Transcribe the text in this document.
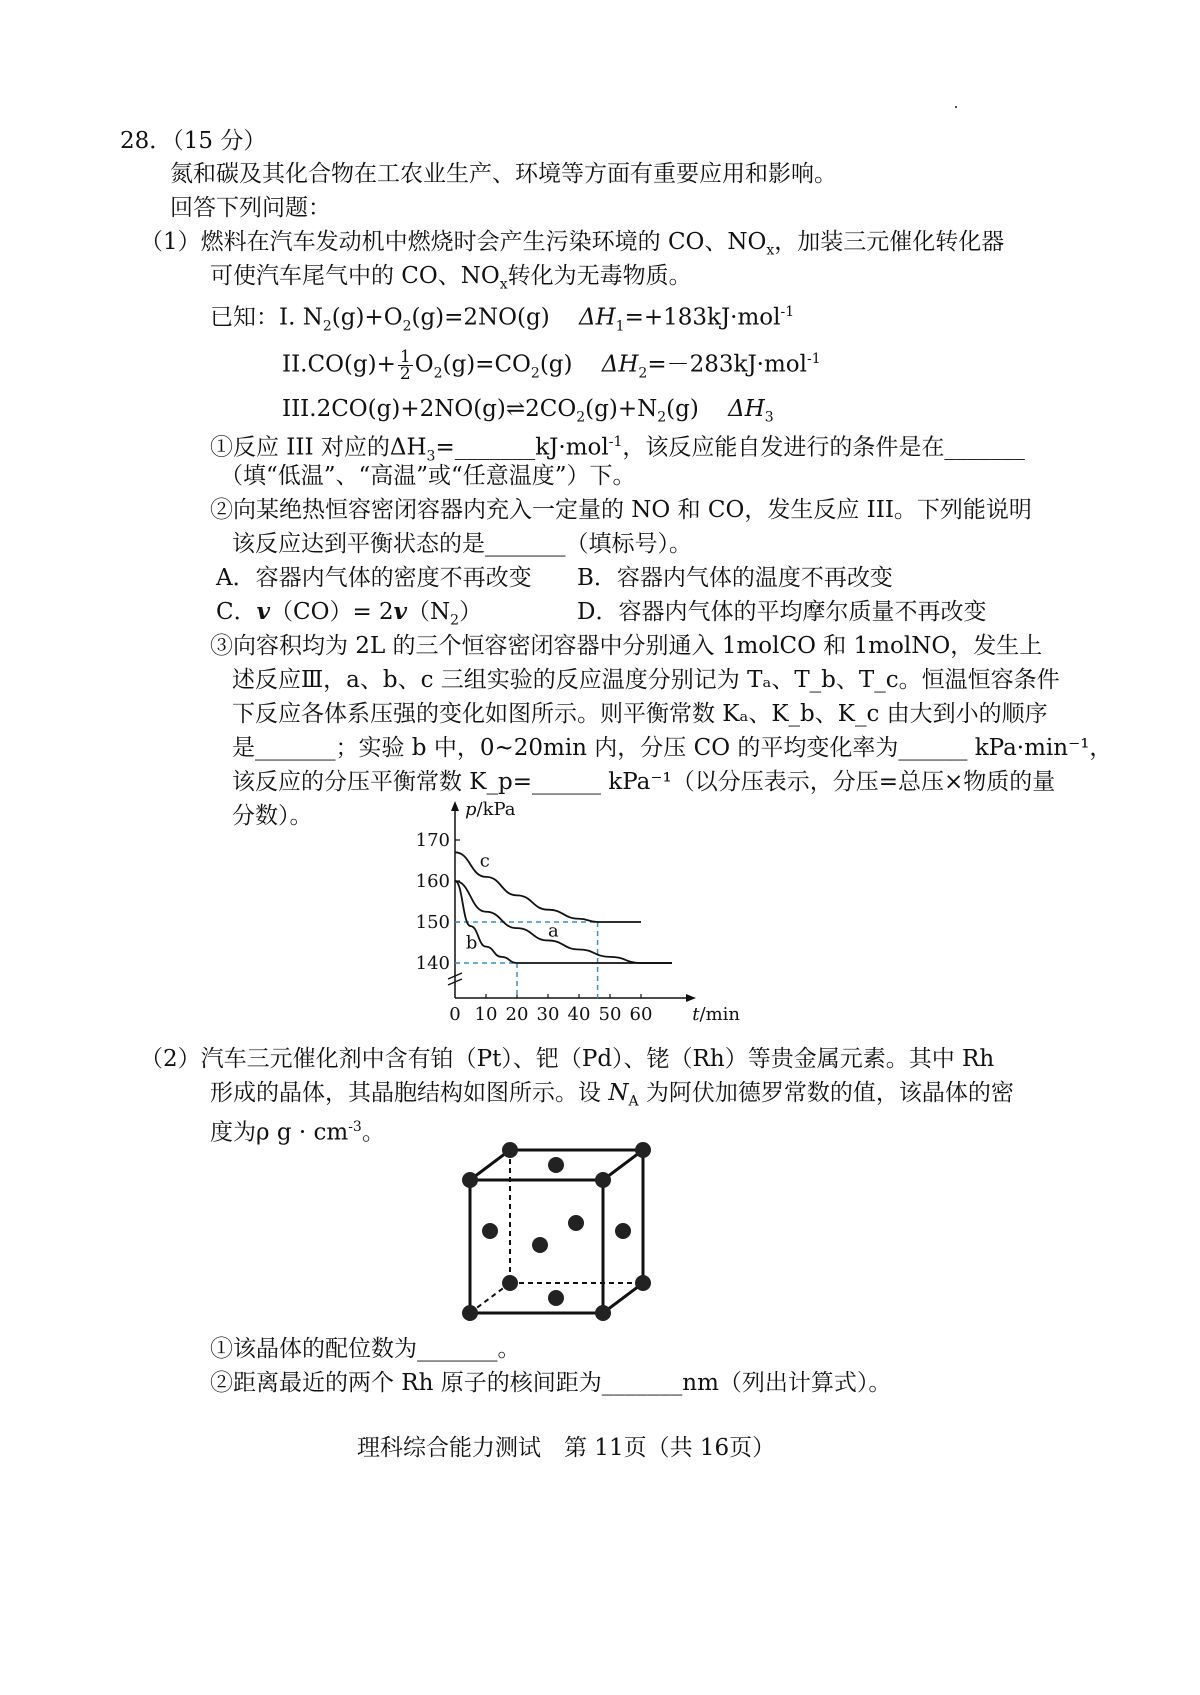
28．（15 分）
氮和碳及其化合物在工农业生产、环境等方面有重要应用和影响。
回答下列问题：
（1）燃料在汽车发动机中燃烧时会产生污染环境的 CO、$NO_x$，加装三元催化转化器
可使汽车尾气中的 CO、$NO_x$转化为无毒物质。
已知：I. $N_2(g)+O_2(g)=2NO(g)$ $\Delta H_1=+183kJ\cdot mol^{-1}$
$II.CO(g)+ \frac{1}{2} O_2(g)=CO_2(g)$ $\Delta H_2=-283kJ\cdot mol^{-1}$
$III.2CO(g)+2NO(g)\rightleftharpoons 2CO_2(g)+N_2(g)$ $\Delta H_3$
①反应 III 对应的$\Delta H_3=\_\_\_\_\_\_\_kJ\cdot mol^{-1}$，该反应能自发进行的条件是在_______
（填“低温”、“高温”或“任意温度”）下。
②向某绝热恒容密闭容器内充入一定量的 NO 和 CO，发生反应 III。下列能说明
该反应达到平衡状态的是_______（填标号）。
A．容器内气体的密度不再改变 B．容器内气体的温度不再改变
C．$v(CO)= 2v(N_2)$	D．容器内气体的平均摩尔质量不再改变
③向容积均为 2L 的三个恒容密闭容器中分别通入 1molCO 和 1molNO，发生上
述反应Ⅲ，a、b、c 三组实验的反应温度分别记为 Tₐ、T_b、T_c。恒温恒容条件
下反应各体系压强的变化如图所示。则平衡常数 Kₐ、K_b、K_c 由大到小的顺序
是_______；实验 b 中，0~20min 内，分压 CO 的平均变化率为______ kPa·min⁻¹，
该反应的分压平衡常数 K_p=______ kPa⁻¹（以分压表示，分压=总压×物质的量
分数）。
170
160
150
140
0 10 20 30 40 50 60
p/kPa
t/min
c
a
b
（2）汽车三元催化剂中含有铂（Pt）、钯（Pd）、铑（Rh）等贵金属元素。其中 Rh
形成的晶体，其晶胞结构如图所示。设 $N_A$ 为阿伏加德罗常数的值，该晶体的密
度为ρ $g \cdot cm^{-3}$。
①该晶体的配位数为_______。
②距离最近的两个 Rh 原子的核间距为_______nm（列出计算式）。
理科综合能力测试　第 11页（共 16页）
